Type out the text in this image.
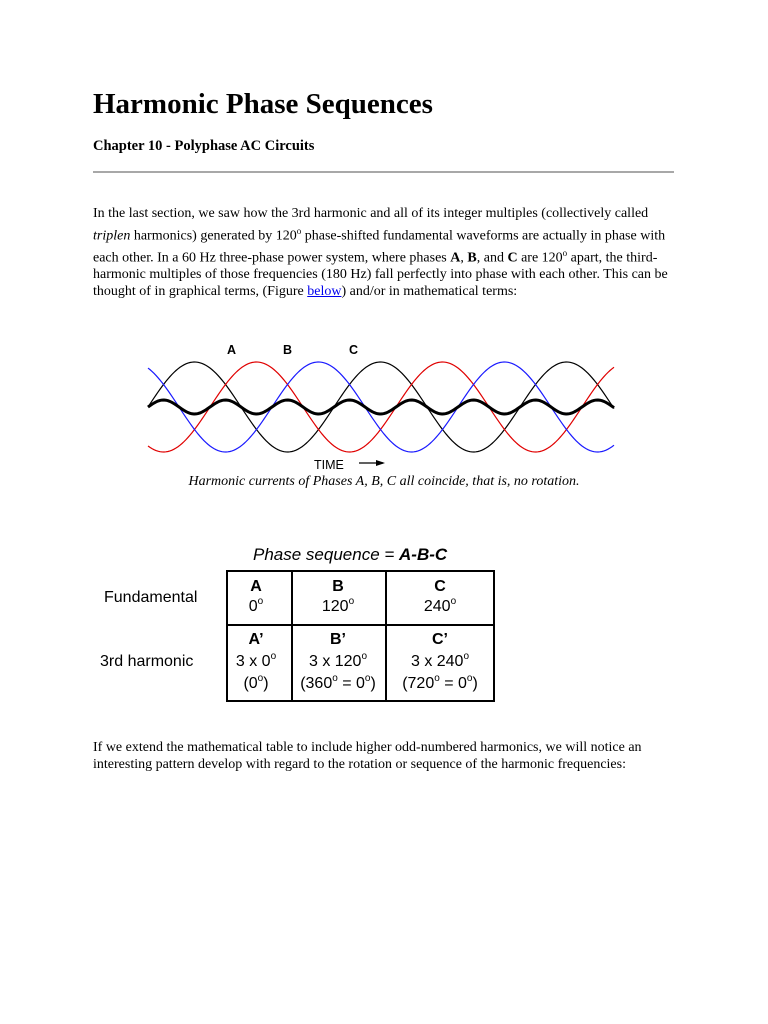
Harmonic Phase Sequences
Chapter 10 - Polyphase AC Circuits

In the last section, we saw how the 3rd harmonic and all of its integer multiples (collectively called triplen harmonics) generated by 120$^o$ phase-shifted fundamental waveforms are actually in phase with each other. In a 60 Hz three-phase power system, where phases A, B, and C are 120$^o$ apart, the third-harmonic multiples of those frequencies (180 Hz) fall perfectly into phase with each other. This can be thought of in graphical terms, (Figure below) and/or in mathematical terms:

A	B	C
TIME
Harmonic currents of Phases A, B, C all coincide, that is, no rotation.
Phase sequence = A-B-C
Fundamental
3rd harmonic
A
0$^o$
B
120$^o$
C
240$^o$
A’
3 x 0$^o$
(0$^o$)
B’
3 x 120$^o$
$(360^o = 0^o)$
C’
3 x 240$^o$
$(720^o = 0^o)$

If we extend the mathematical table to include higher odd-numbered harmonics, we will notice an interesting pattern develop with regard to the rotation or sequence of the harmonic frequencies:
